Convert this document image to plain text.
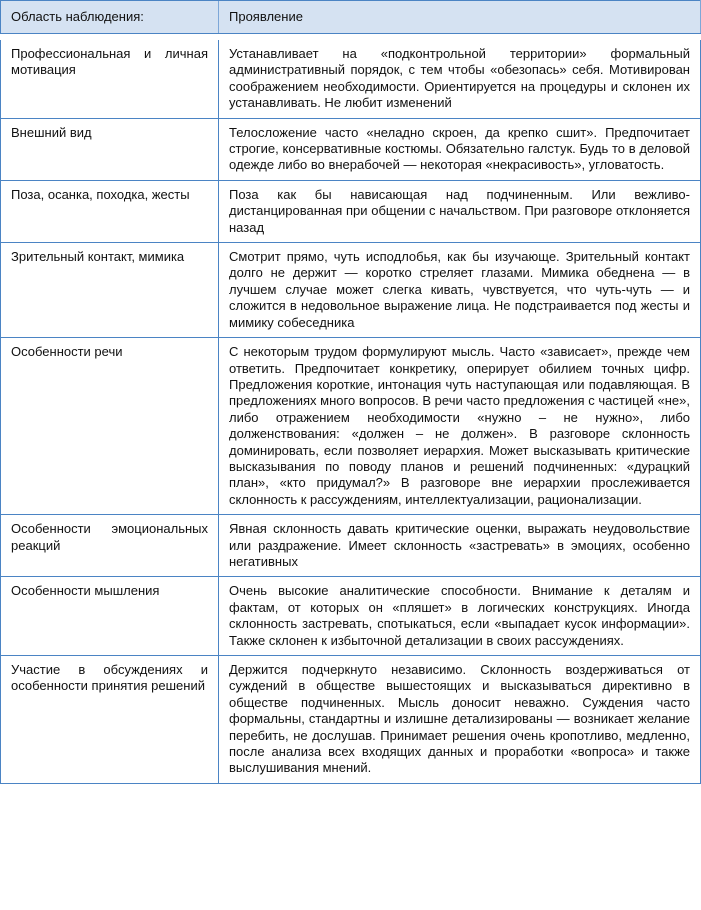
Область наблюдения:	Проявление

Профессиональная и личная мотивация	Устанавливает на «подконтрольной территории» формальный административный порядок, с тем чтобы «обезопась» себя. Мотивирован соображением необходимости. Ориентируется на процедуры и склонен их устанавливать. Не любит изменений
Внешний вид	Телосложение часто «неладно скроен, да крепко сшит». Предпочитает строгие, консервативные костюмы. Обязательно галстук. Будь то в деловой одежде либо во внерабочей — некоторая «некрасивость», угловатость.
Поза, осанка, походка, жесты	Поза как бы нависающая над подчиненным. Или вежливо-дистанцированная при общении с начальством. При разговоре отклоняется назад
Зрительный контакт, мимика	Смотрит прямо, чуть исподлобья, как бы изучающе. Зрительный контакт долго не держит — коротко стреляет глазами. Мимика обеднена — в лучшем случае может слегка кивать, чувствуется, что чуть-чуть — и сложится в недовольное выражение лица. Не подстраивается под жесты и мимику собеседника
Особенности речи	С некоторым трудом формулируют мысль. Часто «зависает», прежде чем ответить. Предпочитает конкретику, оперирует обилием точных цифр. Предложения короткие, интонация чуть наступающая или подавляющая. В предложениях много вопросов. В речи часто предложения с частицей «не», либо отражением необходимости «нужно – не нужно», либо долженствования: «должен – не должен». В разговоре склонность доминировать, если позволяет иерархия. Может высказывать критические высказывания по поводу планов и решений подчиненных: «дурацкий план», «кто придумал?» В разговоре вне иерархии прослеживается склонность к рассуждениям, интеллектуализации, рационализации.
Особенности эмоциональных реакций	Явная склонность давать критические оценки, выражать неудовольствие или раздражение. Имеет склонность «застревать» в эмоциях, особенно негативных
Особенности мышления	Очень высокие аналитические способности. Внимание к деталям и фактам, от которых он «пляшет» в логических конструкциях. Иногда склонность застревать, спотыкаться, если «выпадает кусок информации». Также склонен к избыточной детализации в своих рассуждениях.
Участие в обсуждениях и особенности принятия решений	Держится подчеркнуто независимо. Склонность воздерживаться от суждений в обществе вышестоящих и высказываться директивно в обществе подчиненных. Мысль доносит неважно. Суждения часто формальны, стандартны и излишне детализированы — возникает желание перебить, не дослушав. Принимает решения очень кропотливо, медленно, после анализа всех входящих данных и проработки «вопроса» и также выслушивания мнений.
